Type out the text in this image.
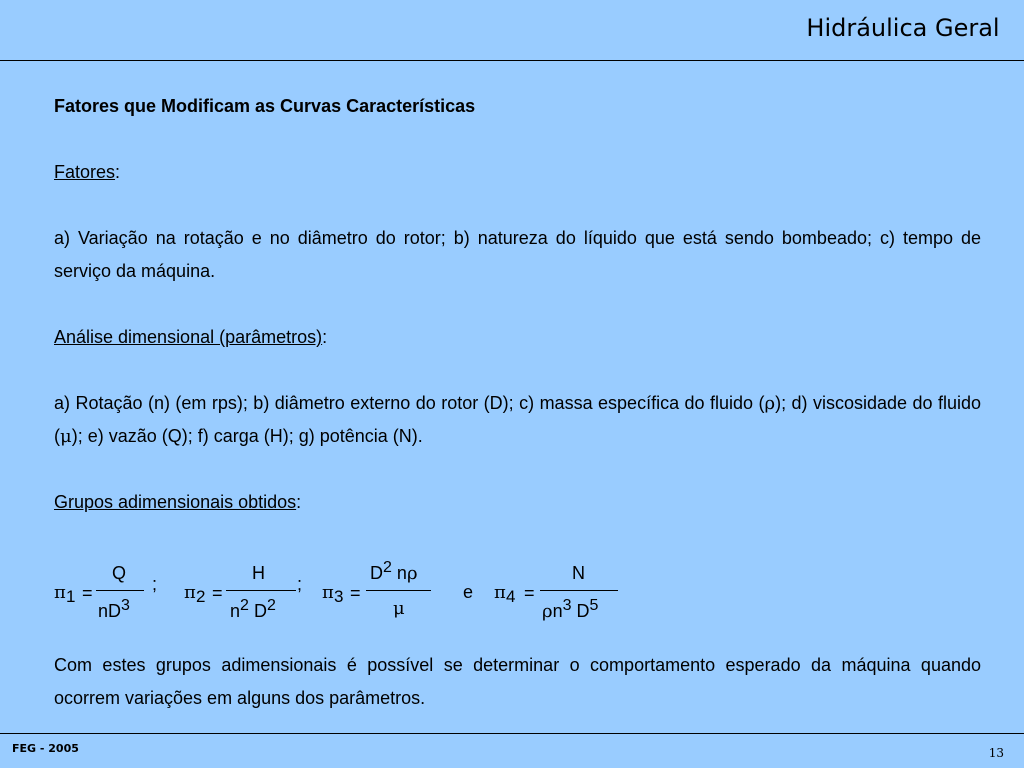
Hidráulica Geral

Fatores que Modificam as Curvas Características

Fatores:

a) Variação na rotação e no diâmetro do rotor; b) natureza do líquido que está sendo bombeado; c) tempo de serviço da máquina.

Análise dimensional (parâmetros):

a) Rotação (n) (em rps); b) diâmetro externo do rotor (D); c) massa específica do fluido (ρ); d) viscosidade do fluido (μ); e) vazão (Q); f) carga (H); g) potência (N).

Grupos adimensionais obtidos:

π 1 =
Q
nD3
; π 2 =
H
n2 D2
; π 3 =
D2 nρ
μ
e π 4 =
N
ρn3 D5

Com estes grupos adimensionais é possível se determinar o comportamento esperado da máquina quando ocorrem variações em alguns dos parâmetros.

FEG - 2005	13
